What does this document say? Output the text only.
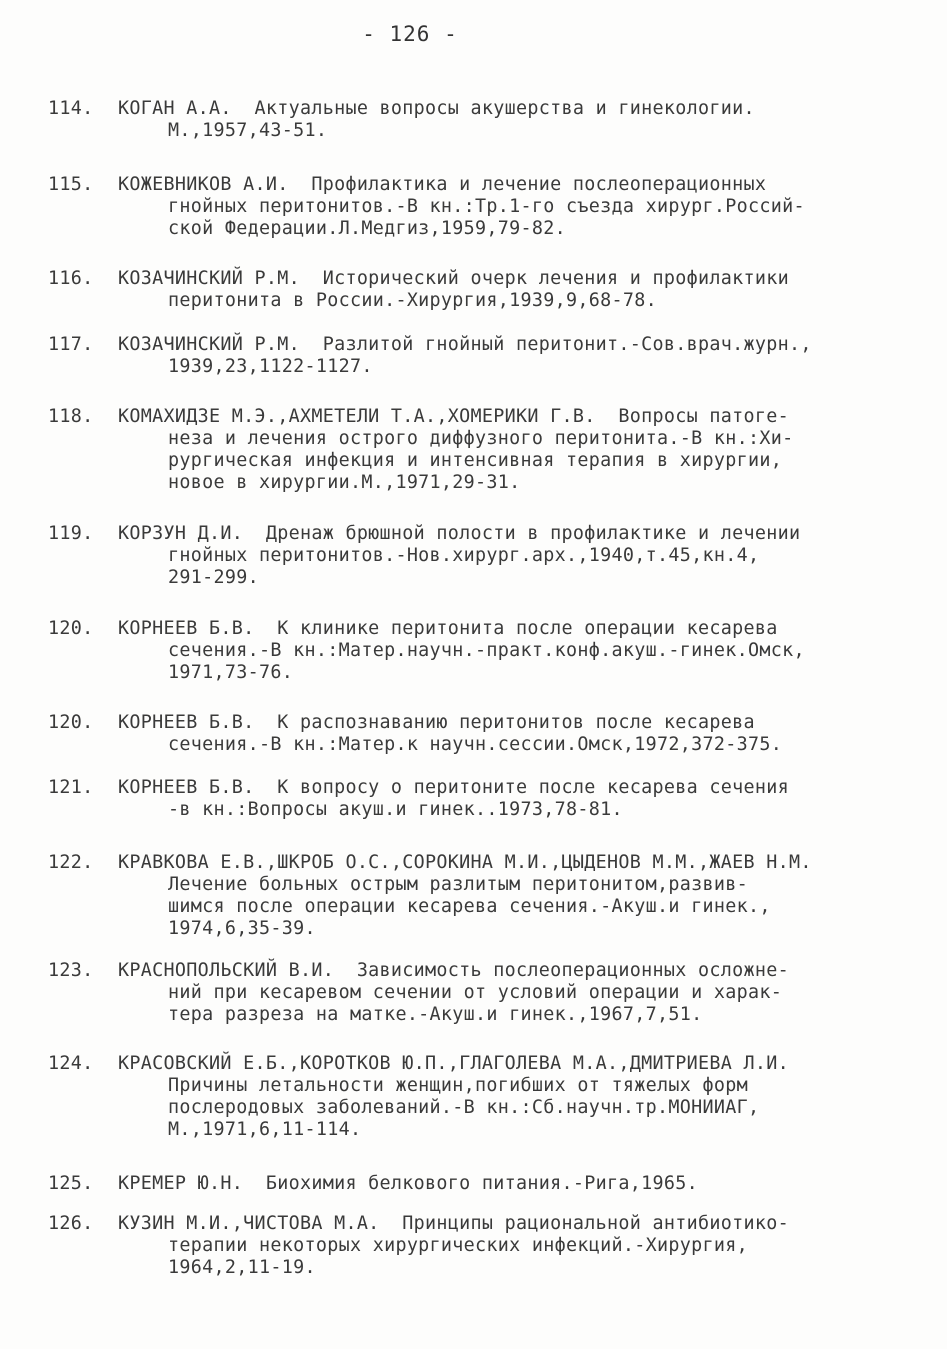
- 126 -
114. КОГАН А.А.  Актуальные вопросы акушерства и гинекологии.
М.,1957,43-51.
115. КОЖЕВНИКОВ А.И.  Профилактика и лечение послеоперационных
гнойных перитонитов.-В кн.:Тр.1-го съезда хирург.Россий-
ской Федерации.Л.Медгиз,1959,79-82.
116. КОЗАЧИНСКИЙ Р.М.  Исторический очерк лечения и профилактики
перитонита в России.-Хирургия,1939,9,68-78.
117. КОЗАЧИНСКИЙ Р.М.  Разлитой гнойный перитонит.-Сов.врач.журн.,
1939,23,1122-1127.
118. КОМАХИДЗЕ М.Э.,АХМЕТЕЛИ Т.А.,ХОМЕРИКИ Г.В.  Вопросы патоге-
неза и лечения острого диффузного перитонита.-В кн.:Хи-
рургическая инфекция и интенсивная терапия в хирургии,
новое в хирургии.М.,1971,29-31.
119. КОРЗУН Д.И.  Дренаж брюшной полости в профилактике и лечении
гнойных перитонитов.-Нов.хирург.арх.,1940,т.45,кн.4,
291-299.
120. КОРНЕЕВ Б.В.  К клинике перитонита после операции кесарева
сечения.-В кн.:Матер.научн.-практ.конф.акуш.-гинек.Омск,
1971,73-76.
120. КОРНЕЕВ Б.В.  К распознаванию перитонитов после кесарева
сечения.-В кн.:Матер.к научн.сессии.Омск,1972,372-375.
121. КОРНЕЕВ Б.В.  К вопросу о перитоните после кесарева сечения
-в кн.:Вопросы акуш.и гинек..1973,78-81.
122. КРАВКОВА Е.В.,ШКРОБ О.С.,СОРОКИНА М.И.,ЦЫДЕНОВ М.М.,ЖАЕВ Н.М.
Лечение больных острым разлитым перитонитом,развив-
шимся после операции кесарева сечения.-Акуш.и гинек.,
1974,6,35-39.
123. КРАСНОПОЛЬСКИЙ В.И.  Зависимость послеоперационных осложне-
ний при кесаревом сечении от условий операции и харак-
тера разреза на матке.-Акуш.и гинек.,1967,7,51.
124. КРАСОВСКИЙ Е.Б.,КОРОТКОВ Ю.П.,ГЛАГОЛЕВА М.А.,ДМИТРИЕВА Л.И.
Причины летальности женщин,погибших от тяжелых форм
послеродовых заболеваний.-В кн.:Сб.научн.тр.МОНИИАГ,
М.,1971,6,11-114.
125. КРЕМЕР Ю.Н.  Биохимия белкового питания.-Рига,1965.
126. КУЗИН М.И.,ЧИСТОВА М.А.  Принципы рациональной антибиотико-
терапии некоторых хирургических инфекций.-Хирургия,
1964,2,11-19.
